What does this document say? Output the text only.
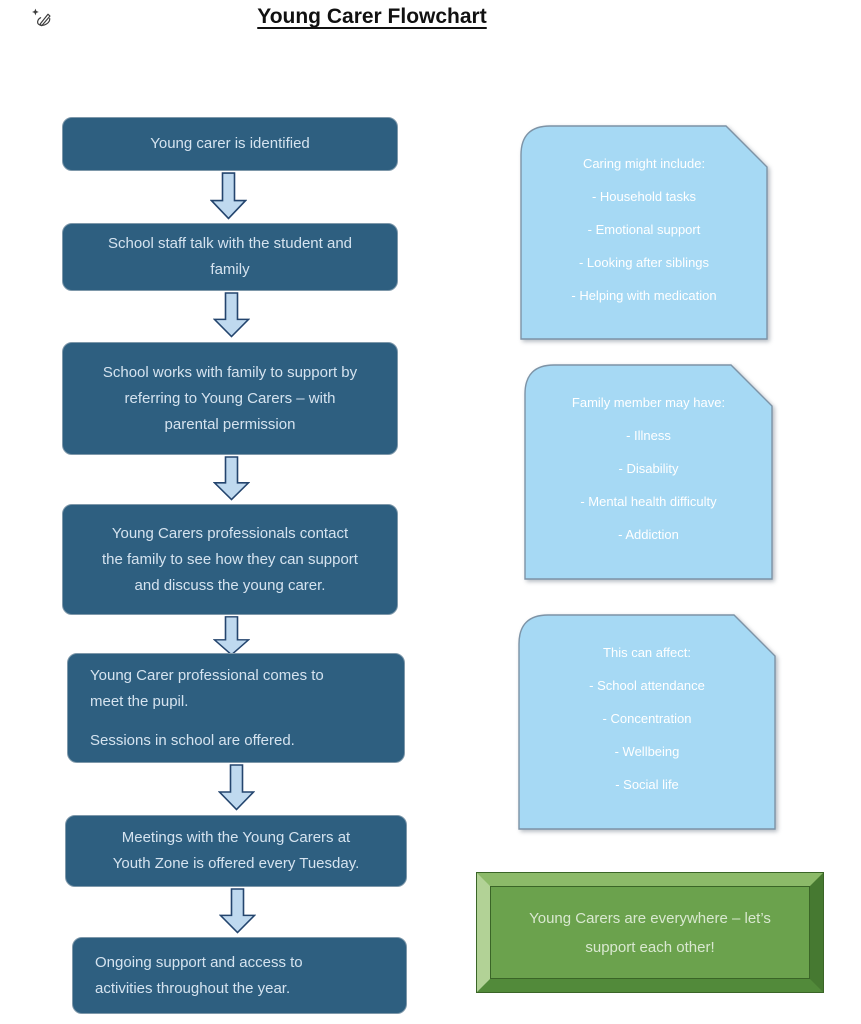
Young Carer Flowchart
Young carer is identified
School staff talk with the student and
family
School works with family to support by
referring to Young Carers – with
parental permission
Young Carers professionals contact
the family to see how they can support
and discuss the young carer.
Young Carer professional comes to
meet the pupil.
Sessions in school are offered.
Meetings with the Young Carers at
Youth Zone is offered every Tuesday.
Ongoing support and access to
activities throughout the year.
Caring might include:
- Household tasks
- Emotional support
- Looking after siblings
- Helping with medication
Family member may have:
- Illness
- Disability
- Mental health difficulty
- Addiction
This can affect:
- School attendance
- Concentration
- Wellbeing
- Social life
Young Carers are everywhere – let’s
support each other!
